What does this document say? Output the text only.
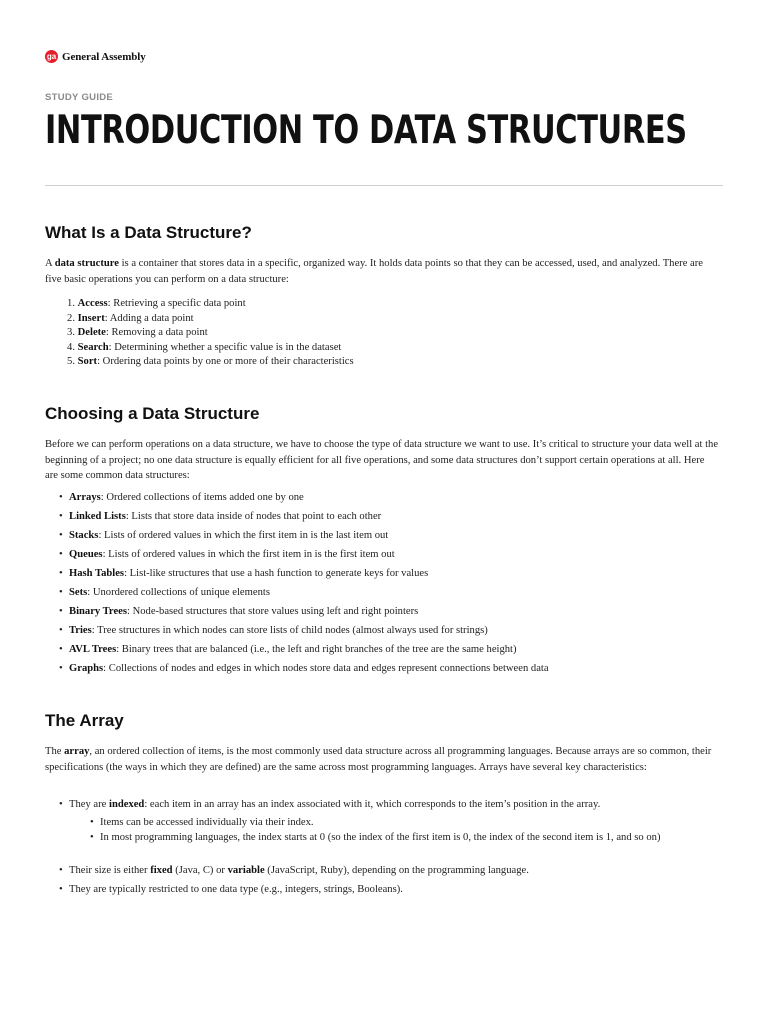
ga General Assembly
STUDY GUIDE
INTRODUCTION TO DATA STRUCTURES
What Is a Data Structure?

A data structure is a container that stores data in a specific, organized way. It holds data points so that they can be accessed, used, and analyzed. There are five basic operations you can perform on a data structure:

1. Access: Retrieving a specific data point
2. Insert: Adding a data point
3. Delete: Removing a data point
4. Search: Determining whether a specific value is in the dataset
5. Sort: Ordering data points by one or more of their characteristics
Choosing a Data Structure

Before we can perform operations on a data structure, we have to choose the type of data structure we want to use. It’s critical to structure your data well at the beginning of a project; no one data structure is equally efficient for all five operations, and some data structures don’t support certain operations at all. Here are some common data structures:

• Arrays: Ordered collections of items added one by one
• Linked Lists: Lists that store data inside of nodes that point to each other
• Stacks: Lists of ordered values in which the first item in is the last item out
• Queues: Lists of ordered values in which the first item in is the first item out
• Hash Tables: List-like structures that use a hash function to generate keys for values
• Sets: Unordered collections of unique elements
• Binary Trees: Node-based structures that store values using left and right pointers
• Tries: Tree structures in which nodes can store lists of child nodes (almost always used for strings)
• AVL Trees: Binary trees that are balanced (i.e., the left and right branches of the tree are the same height)
• Graphs: Collections of nodes and edges in which nodes store data and edges represent connections between data
The Array

The array, an ordered collection of items, is the most commonly used data structure across all programming languages. Because arrays are so common, their specifications (the ways in which they are defined) are the same across most programming languages. Arrays have several key characteristics:

• They are indexed: each item in an array has an index associated with it, which corresponds to the item’s position in the array.
• Items can be accessed individually via their index.
• In most programming languages, the index starts at 0 (so the index of the first item is 0, the index of the second item is 1, and so on)
• Their size is either fixed (Java, C) or variable (JavaScript, Ruby), depending on the programming language.
• They are typically restricted to one data type (e.g., integers, strings, Booleans).
